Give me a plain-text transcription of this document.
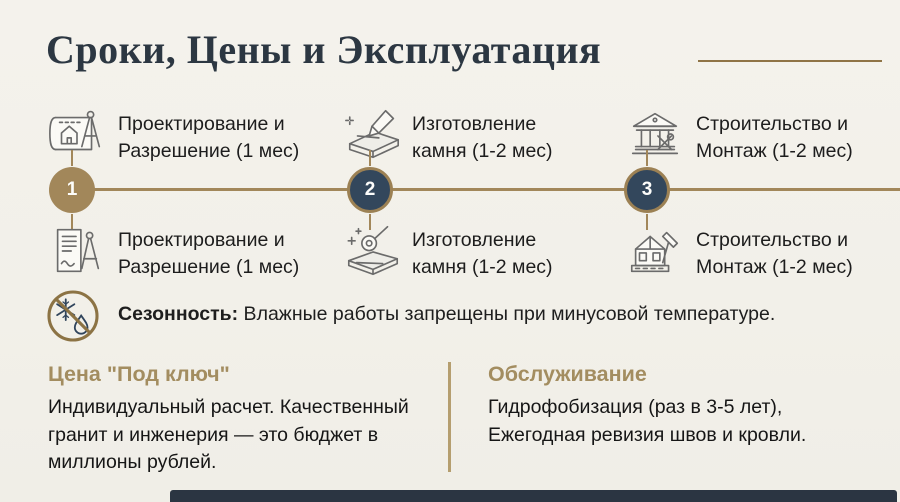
Сроки, Цены и Эксплуатация
Проектирование и
Разрешение (1 мес)
Изготовление
камня (1-2 мес)
Строительство и
Монтаж (1-2 мес)
1	2	3
Проектирование и
Разрешение (1 мес)
Изготовление
камня (1-2 мес)
Строительство и
Монтаж (1-2 мес)
Сезонность: Влажные работы запрещены при минусовой температуре.
Цена "Под ключ"
Индивидуальный расчет. Качественный
гранит и инженерия — это бюджет в
миллионы рублей.
Обслуживание
Гидрофобизация (раз в 3-5 лет),
Ежегодная ревизия швов и кровли.
